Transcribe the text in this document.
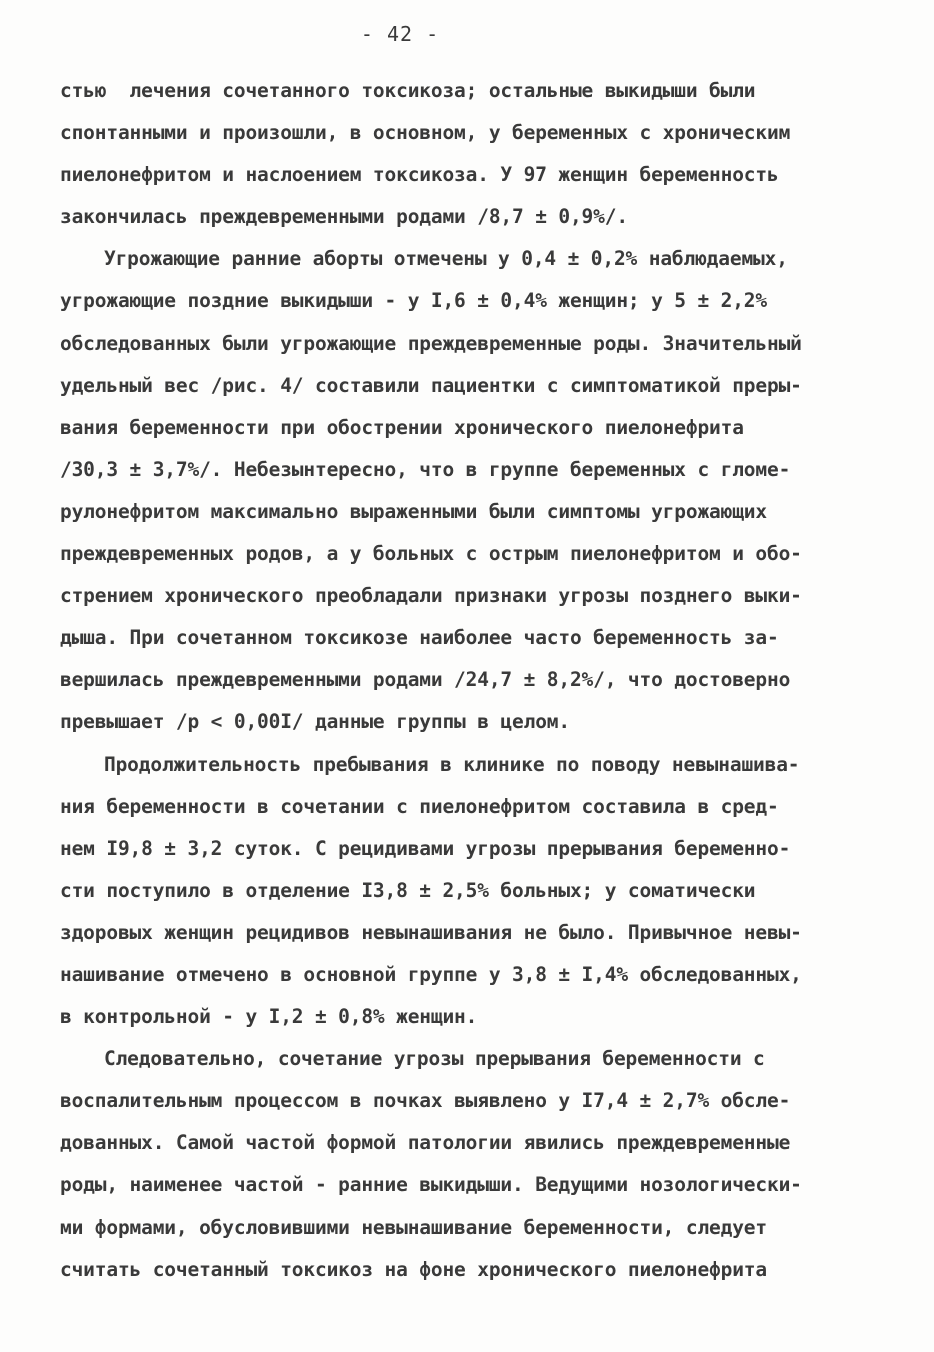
- 42 -
стью  лечения сочетанного токсикоза; остальные выкидыши были
спонтанными и произошли, в основном, у беременных с хроническим
пиелонефритом и наслоением токсикоза. У 97 женщин беременность
закончилась преждевременными родами /8,7 ± 0,9%/.
Угрожающие ранние аборты отмечены у 0,4 ± 0,2% наблюдаемых,
угрожающие поздние выкидыши - у I,6 ± 0,4% женщин; у 5 ± 2,2%
обследованных были угрожающие преждевременные роды. Значительный
удельный вес /рис. 4/ составили пациентки с симптоматикой преры-
вания беременности при обострении хронического пиелонефрита
/30,3 ± 3,7%/. Небезынтересно, что в группе беременных с гломе-
рулонефритом максимально выраженными были симптомы угрожающих
преждевременных родов, а у больных с острым пиелонефритом и обо-
стрением хронического преобладали признаки угрозы позднего выки-
дыша. При сочетанном токсикозе наиболее часто беременность за-
вершилась преждевременными родами /24,7 ± 8,2%/, что достоверно
превышает /р < 0,00I/ данные группы в целом.
Продолжительность пребывания в клинике по поводу невынашива-
ния беременности в сочетании с пиелонефритом составила в сред-
нем I9,8 ± 3,2 суток. С рецидивами угрозы прерывания беременно-
сти поступило в отделение I3,8 ± 2,5% больных; у соматически
здоровых женщин рецидивов невынашивания не было. Привычное невы-
нашивание отмечено в основной группе у 3,8 ± I,4% обследованных,
в контрольной - у I,2 ± 0,8% женщин.
Следовательно, сочетание угрозы прерывания беременности с
воспалительным процессом в почках выявлено у I7,4 ± 2,7% обсле-
дованных. Самой частой формой патологии явились преждевременные
роды, наименее частой - ранние выкидыши. Ведущими нозологически-
ми формами, обусловившими невынашивание беременности, следует
считать сочетанный токсикоз на фоне хронического пиелонефрита
